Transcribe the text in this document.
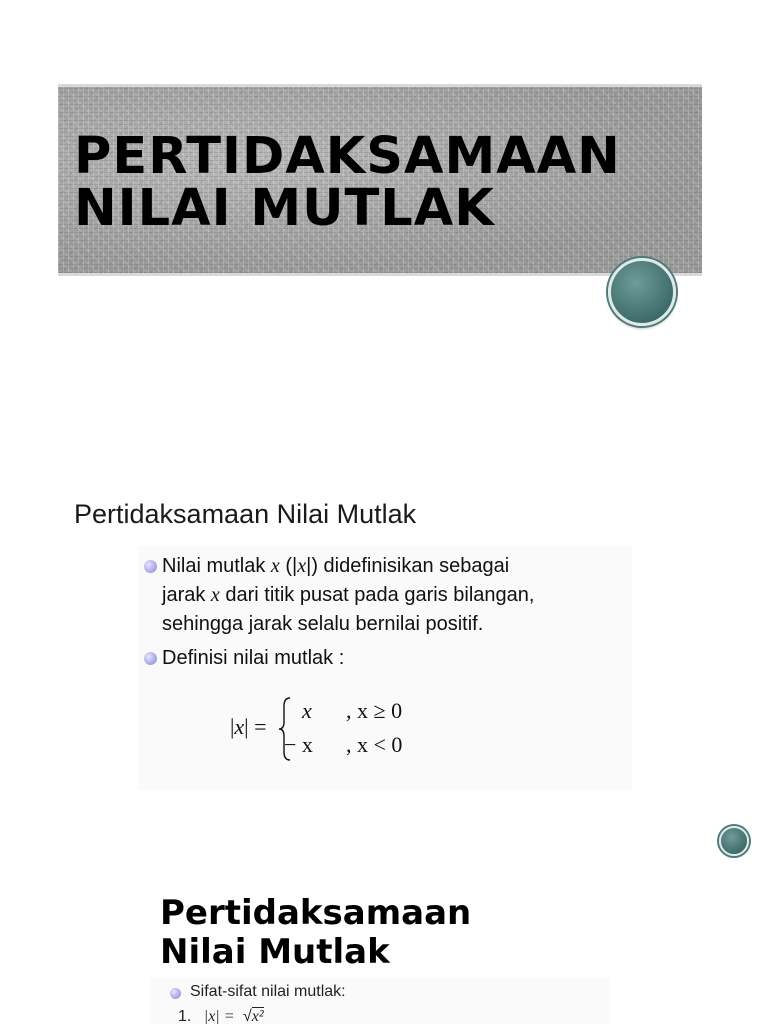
PERTIDAKSAMAAN
NILAI MUTLAK
Pertidaksamaan Nilai Mutlak
Nilai mutlak x (|x|) didefinisikan sebagai
jarak x dari titik pusat pada garis bilangan,
sehingga jarak selalu bernilai positif.
Definisi nilai mutlak :
|x| =
x , x ≥ 0
− x , x < 0
Pertidaksamaan
Nilai Mutlak
Sifat-sifat nilai mutlak:
1. |x| = √x²
